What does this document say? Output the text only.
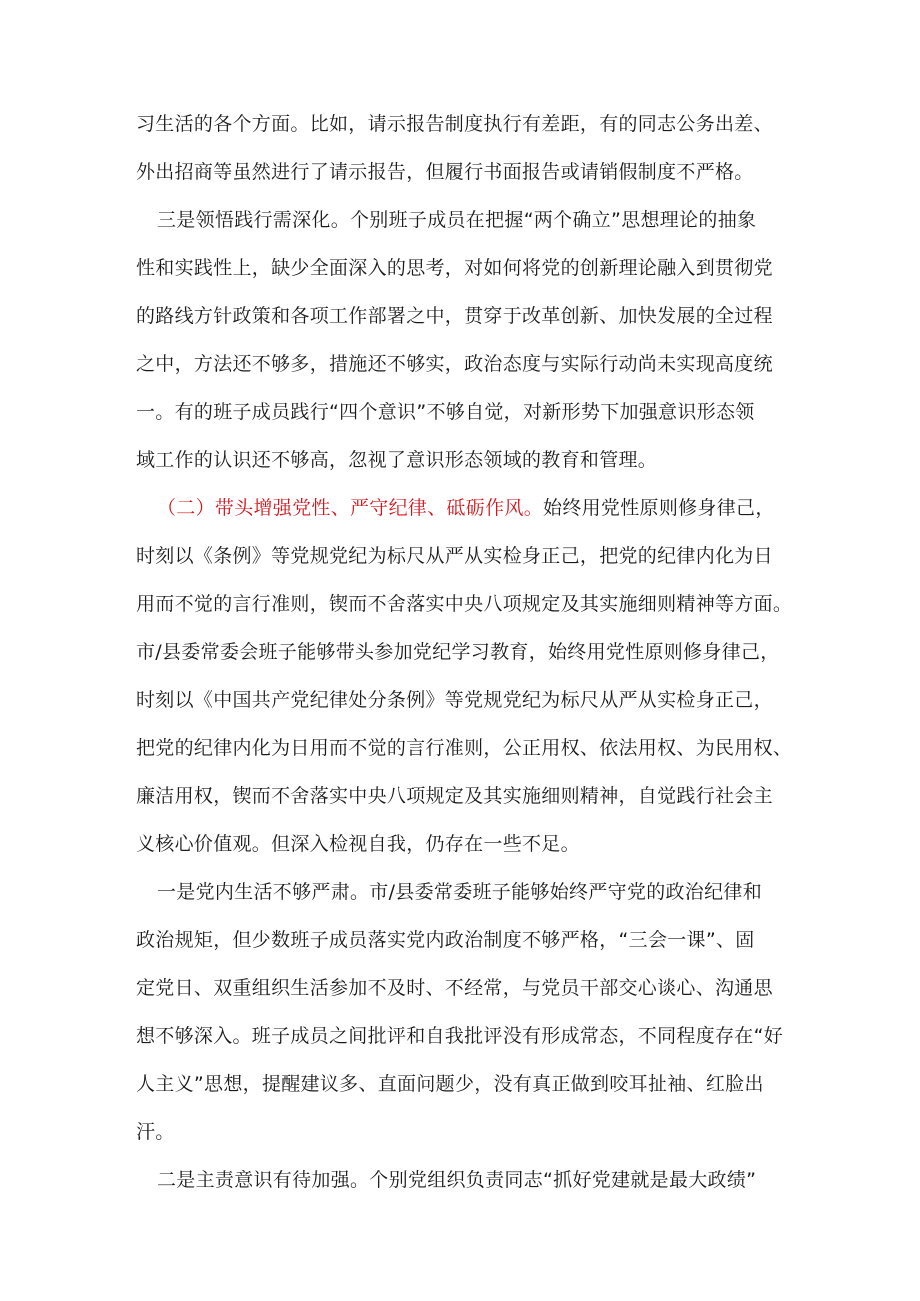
习生活的各个方面。比如，请示报告制度执行有差距，有的同志公务出差、
外出招商等虽然进行了请示报告，但履行书面报告或请销假制度不严格。
三是领悟践行需深化。个别班子成员在把握“两个确立”思想理论的抽象
性和实践性上，缺少全面深入的思考，对如何将党的创新理论融入到贯彻党
的路线方针政策和各项工作部署之中，贯穿于改革创新、加快发展的全过程
之中，方法还不够多，措施还不够实，政治态度与实际行动尚未实现高度统
一。有的班子成员践行“四个意识”不够自觉，对新形势下加强意识形态领
域工作的认识还不够高，忽视了意识形态领域的教育和管理。
（二）带头增强党性、严守纪律、砥砺作风。始终用党性原则修身律己，
时刻以《条例》等党规党纪为标尺从严从实检身正己，把党的纪律内化为日
用而不觉的言行准则，锲而不舍落实中央八项规定及其实施细则精神等方面。
市/县委常委会班子能够带头参加党纪学习教育，始终用党性原则修身律己，
时刻以《中国共产党纪律处分条例》等党规党纪为标尺从严从实检身正己，
把党的纪律内化为日用而不觉的言行准则，公正用权、依法用权、为民用权、
廉洁用权，锲而不舍落实中央八项规定及其实施细则精神，自觉践行社会主
义核心价值观。但深入检视自我，仍存在一些不足。
一是党内生活不够严肃。市/县委常委班子能够始终严守党的政治纪律和
政治规矩，但少数班子成员落实党内政治制度不够严格，“三会一课”、固
定党日、双重组织生活参加不及时、不经常，与党员干部交心谈心、沟通思
想不够深入。班子成员之间批评和自我批评没有形成常态，不同程度存在“好
人主义”思想，提醒建议多、直面问题少，没有真正做到咬耳扯袖、红脸出
汗。
二是主责意识有待加强。个别党组织负责同志“抓好党建就是最大政绩”
